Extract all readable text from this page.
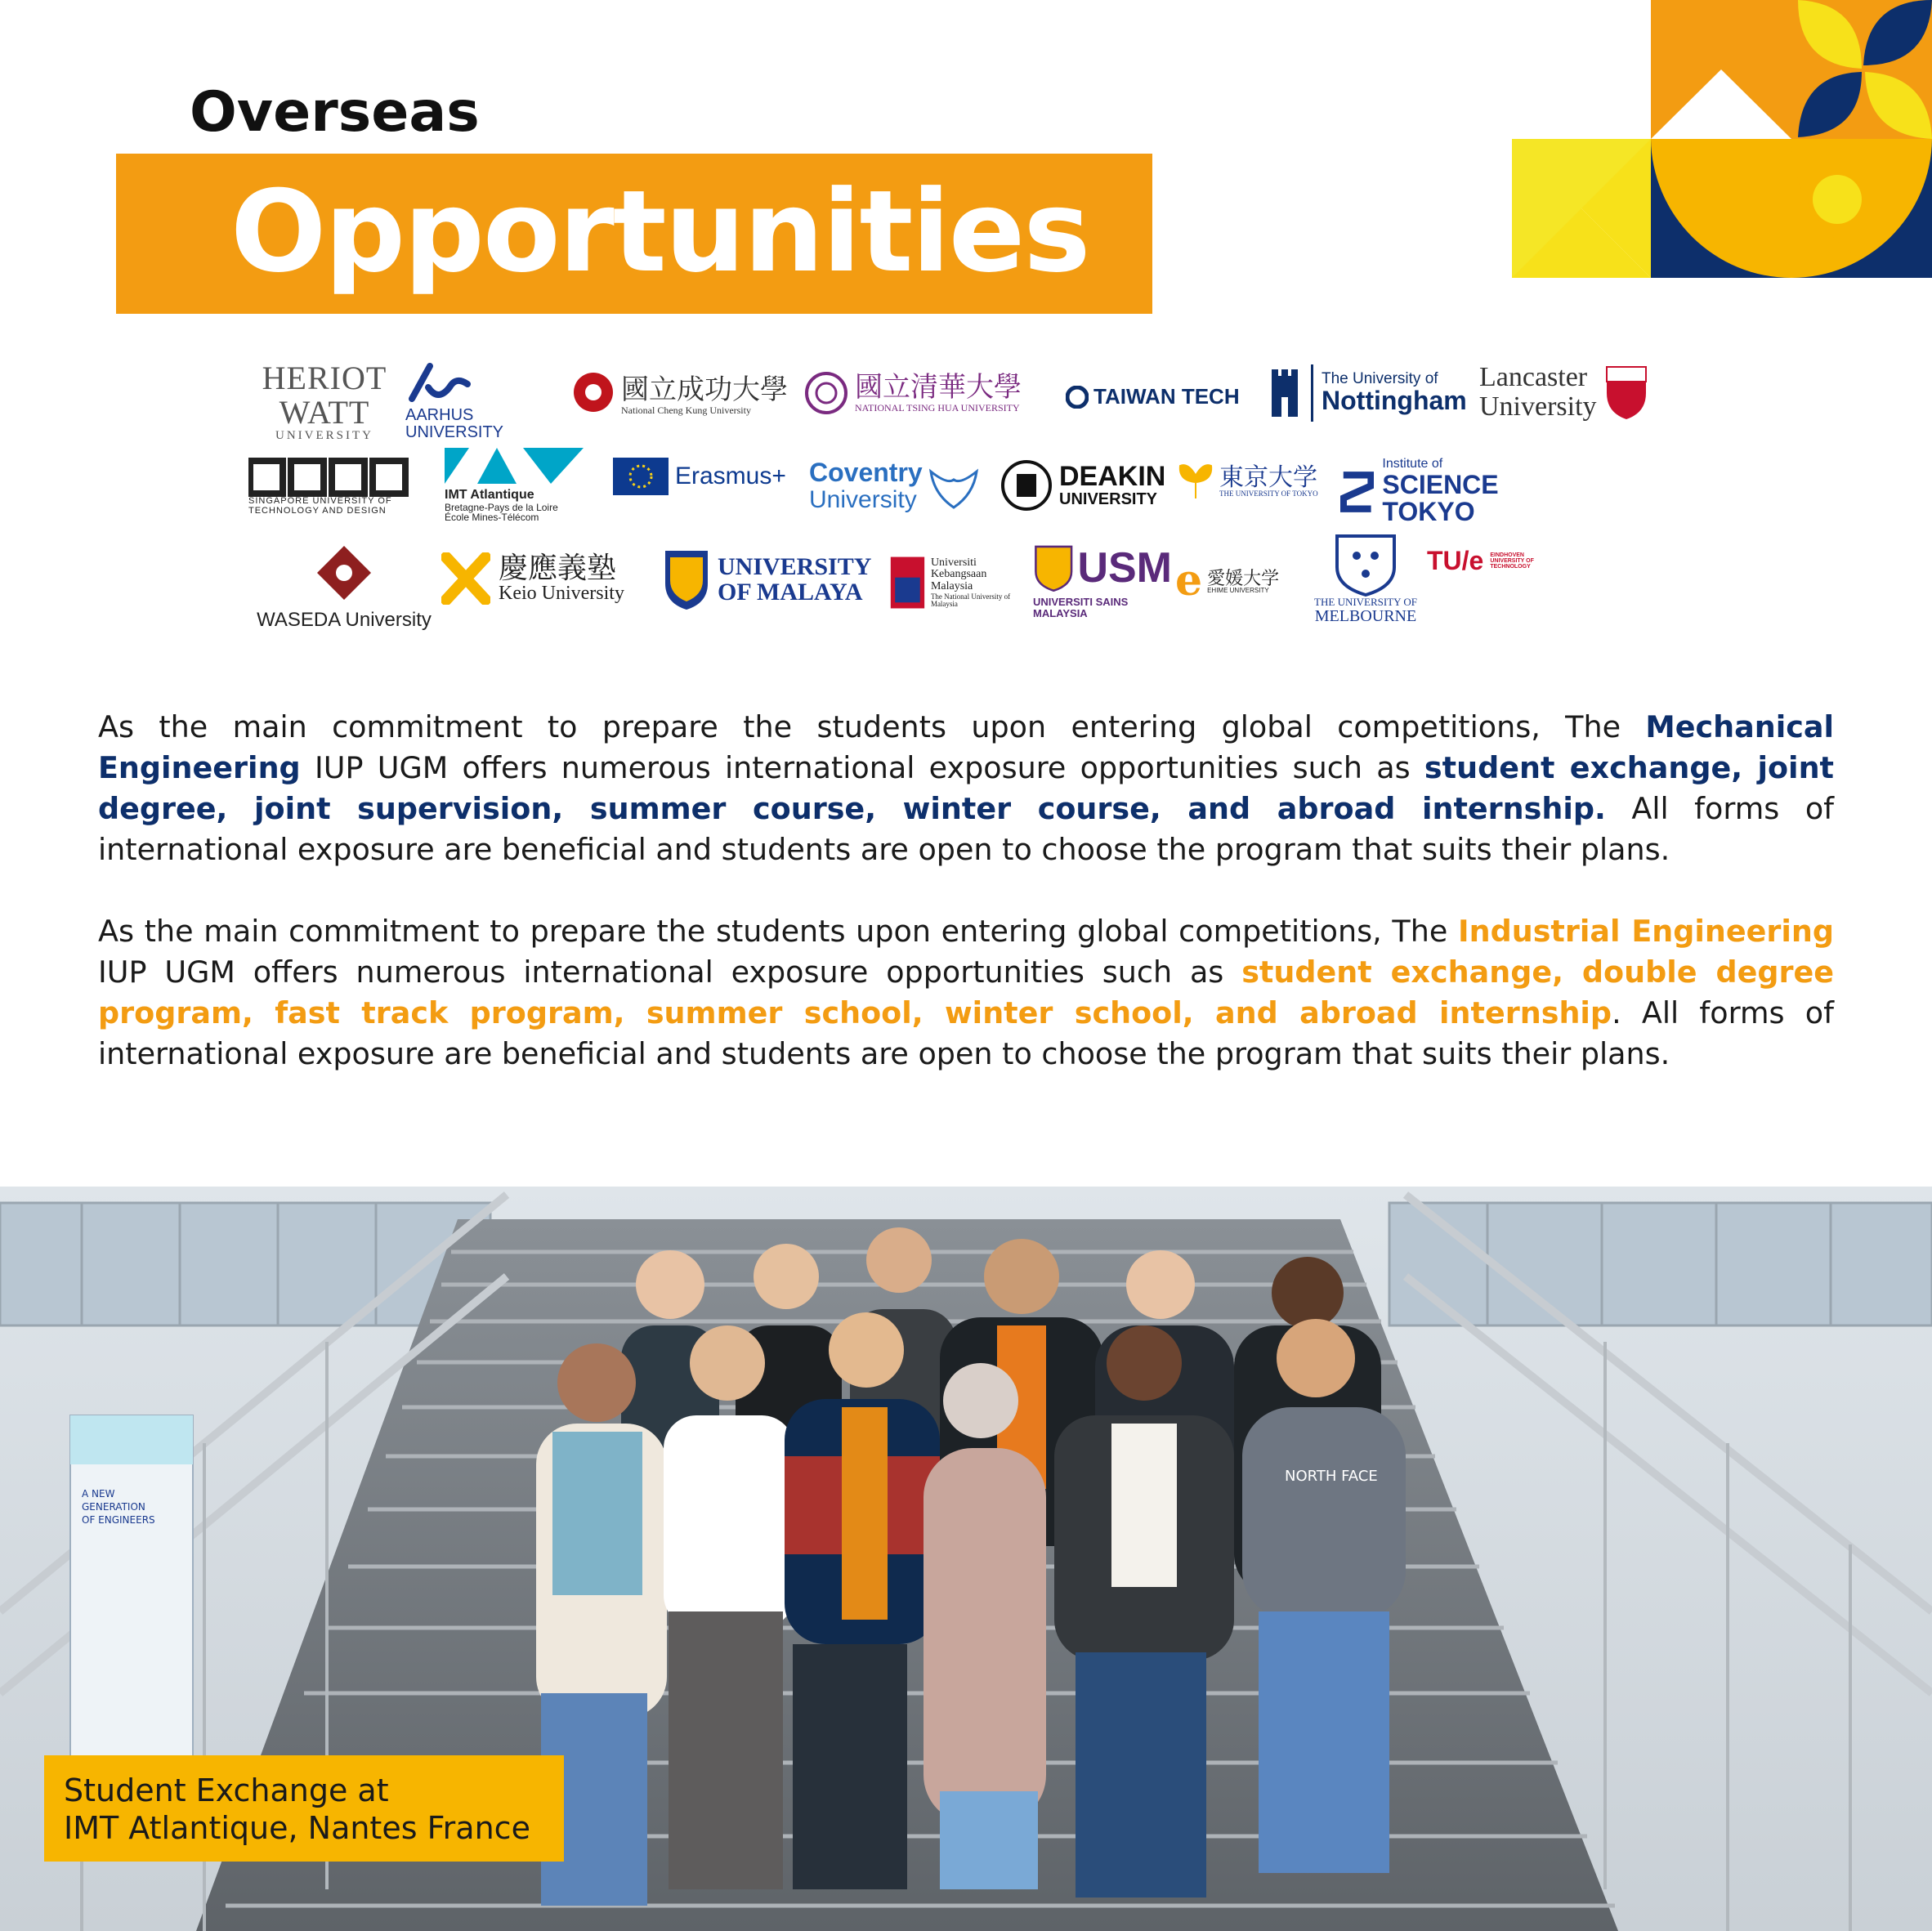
Overseas
Opportunities
HERIOT
WATT
UNIVERSITY
AARHUS UNIVERSITY
國立成功大學
National Cheng Kung University
國立清華大學
NATIONAL TSING HUA UNIVERSITY	TAIWAN TECH
The University of
Nottingham
Lancaster
University
SINGAPORE UNIVERSITY OF
TECHNOLOGY AND DESIGN
IMT Atlantique
Bretagne-Pays de la Loire
École Mines-Télécom
Erasmus+ Coventry
University
DEAKIN
UNIVERSITY
東京大学
THE UNIVERSITY OF TOKYO
Institute of
SCIENCE TOKYO
WASEDA University
慶應義塾
Keio University
UNIVERSITY
OF MALAYA
Universiti
Kebangsaan
Malaysia
The National University of Malaysia
USM
UNIVERSITI SAINS MALAYSIA
e 愛媛大学
EHIME UNIVERSITY
THE UNIVERSITY OF
MELBOURNE
TU/e EINDHOVEN
UNIVERSITY OF
TECHNOLOGY

As the main commitment to prepare the students upon entering global competitions, The Mechanical Engineering IUP UGM offers numerous international exposure opportunities such as student exchange, joint degree, joint supervision, summer course, winter course, and abroad internship. All forms of international exposure are beneficial and students are open to choose the program that suits their plans.

As the main commitment to prepare the students upon entering global competitions, The Industrial Engineering IUP UGM offers numerous international exposure opportunities such as student exchange, double degree program, fast track program, summer school, winter school, and abroad internship. All forms of international exposure are beneficial and students are open to choose the program that suits their plans.

A NEW
GENERATION
OF ENGINEERS
NORTH FACE
Student Exchange at
IMT Atlantique, Nantes France
